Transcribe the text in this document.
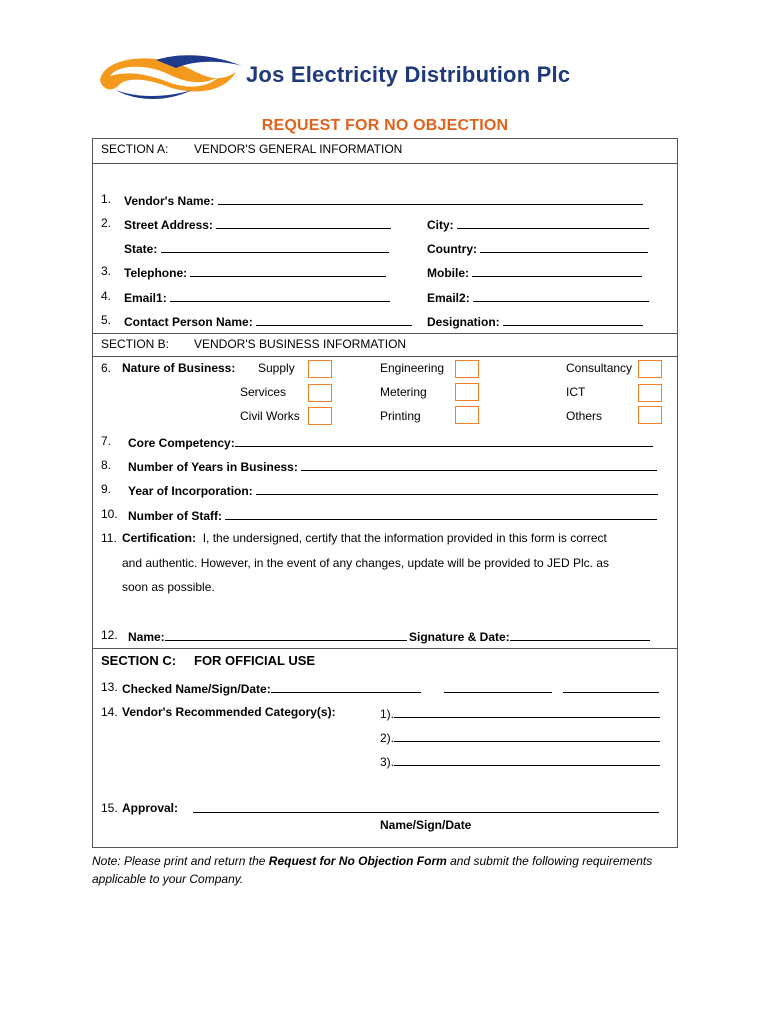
Jos Electricity Distribution Plc
REQUEST FOR NO OBJECTION
SECTION A: VENDOR'S GENERAL INFORMATION
1. Vendor's Name:
2. Street Address:	City:
State:	Country:
3. Telephone:	Mobile:
4. Email1:	Email2:
5. Contact Person Name:	Designation:
SECTION B: VENDOR'S BUSINESS INFORMATION
6. Nature of Business: Supply	Engineering	Consultancy
Services	Metering	ICT
Civil Works	Printing	Others
7. Core Competency:
8. Number of Years in Business:
9. Year of Incorporation:
10. Number of Staff:
11. Certification: I, the undersigned, certify that the information provided in this form is correct
and authentic. However, in the event of any changes, update will be provided to JED Plc. as
soon as possible.
12. Name:	Signature & Date:
SECTION C: FOR OFFICIAL USE
13. Checked Name/Sign/Date:
14. Vendor's Recommended Category(s):	1).
2).
3).
15. Approval:
Name/Sign/Date
Note: Please print and return the Request for No Objection Form and submit the following requirements
applicable to your Company.
